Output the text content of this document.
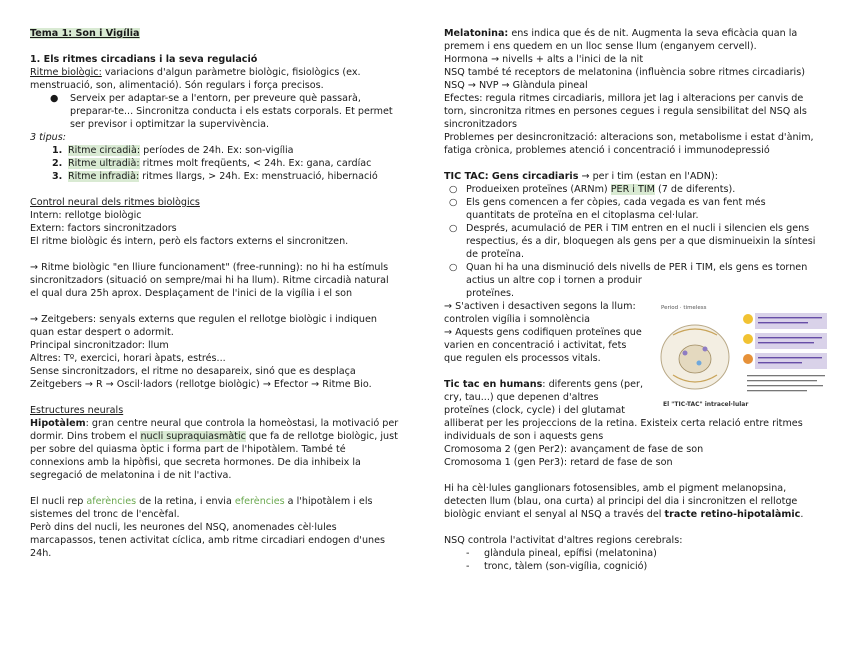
Tema 1: Son i Vigília

1. Els ritmes circadians i la seva regulació

Ritme biològic: variacions d'algun paràmetre biològic, fisiològics (ex.

menstruació, son, alimentació). Són regulars i força precisos.

● Serveix per adaptar-se a l'entorn, per preveure què passarà,

preparar-te... Sincronitza conducta i els estats corporals. Et permet

ser previsor i optimitzar la supervivència.

3 tipus:

1. Ritme circadià: períodes de 24h. Ex: son-vigília

2. Ritme ultradià: ritmes molt freqüents, < 24h. Ex: gana, cardíac

3. Ritme infradià: ritmes llargs, > 24h. Ex: menstruació, hibernació

Control neural dels ritmes biològics

Intern: rellotge biològic

Extern: factors sincronitzadors

El ritme biològic és intern, però els factors externs el sincronitzen.

→ Ritme biològic "en lliure funcionament" (free-running): no hi ha estímuls

sincronitzadors (situació on sempre/mai hi ha llum). Ritme circadià natural

el qual dura 25h aprox. Desplaçament de l'inici de la vigília i el son

→ Zeitgebers: senyals externs que regulen el rellotge biològic i indiquen

quan estar despert o adormit.

Principal sincronitzador: llum

Altres: Tº, exercici, horari àpats, estrés...

Sense sincronitzadors, el ritme no desapareix, sinó que es desplaça

Zeitgebers → R → Oscil·ladors (rellotge biològic) → Efector → Ritme Bio.

Estructures neurals

Hipotàlem: gran centre neural que controla la homeòstasi, la motivació per

dormir. Dins trobem el nucli supraquiasmàtic que fa de rellotge biològic, just

per sobre del quiasma òptic i forma part de l'hipotàlem. També té

connexions amb la hipòfisi, que secreta hormones. De dia inhibeix la

segregació de melatonina i de nit l'activa.

El nucli rep aferències de la retina, i envia eferències a l'hipotàlem i els

sistemes del tronc de l'encèfal.

Però dins del nucli, les neurones del NSQ, anomenades cèl·lules

marcapassos, tenen activitat cíclica, amb ritme circadiari endogen d'unes

24h.

Melatonina: ens indica que és de nit. Augmenta la seva eficàcia quan la

premem i ens quedem en un lloc sense llum (enganyem cervell).

Hormona → nivells + alts a l'inici de la nit

NSQ també té receptors de melatonina (influència sobre ritmes circadiaris)

NSQ → NVP → Glàndula pineal

Efectes: regula ritmes circadiaris, millora jet lag i alteracions per canvis de

torn, sincronitza ritmes en persones cegues i regula sensibilitat del NSQ als

sincronitzadors

Problemes per desincronització: alteracions son, metabolisme i estat d'ànim,

fatiga crònica, problemes atenció i concentració i immunodepressió

TIC TAC: Gens circadiaris → per i tim (estan en l'ADN):

○ Produeixen proteïnes (ARNm) PER i TIM (7 de diferents).

○ Els gens comencen a fer còpies, cada vegada es van fent més

quantitats de proteïna en el citoplasma cel·lular.

○ Després, acumulació de PER i TIM entren en el nucli i silencien els gens

respectius, és a dir, bloquegen als gens per a que disminueixin la síntesi

de proteïna.

○ Quan hi ha una disminució dels nivells de PER i TIM, els gens es tornen

actius un altre cop i tornen a produir

proteïnes.

→ S'activen i desactiven segons la llum:

controlen vigília i somnolència

→ Aquests gens codifiquen proteïnes que

varien en concentració i activitat, fets

que regulen els processos vitals.

Tic tac en humans: diferents gens (per,

cry, tau...) que depenen d'altres

proteïnes (clock, cycle) i del glutamat

alliberat per les projeccions de la retina. Existeix certa relació entre ritmes

individuals de son i aquests gens

Cromosoma 2 (gen Per2): avançament de fase de son

Cromosoma 1 (gen Per3): retard de fase de son

Hi ha cèl·lules ganglionars fotosensibles, amb el pigment melanopsina,

detecten llum (blau, ona curta) al principi del dia i sincronitzen el rellotge

biològic enviant el senyal al NSQ a través del tracte retino-hipotalàmic.

NSQ controla l'activitat d'altres regions cerebrals:

- glàndula pineal, epífisi (melatonina)

- tronc, tàlem (son-vigília, cognició)

Period · timeless
El "TIC-TAC" intracel·lular
